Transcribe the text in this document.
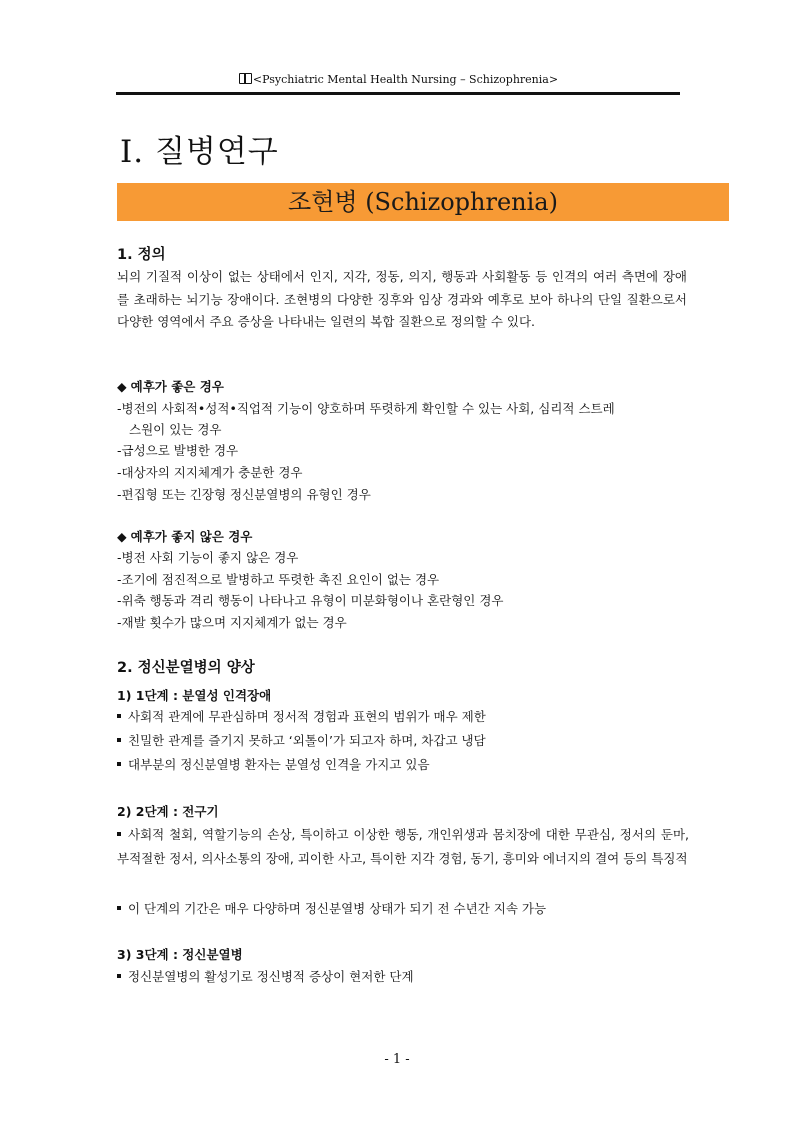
<Psychiatric Mental Health Nursing – Schizophrenia>
Ⅰ. 질병연구
조현병 (Schizophrenia)
1. 정의
뇌의 기질적 이상이 없는 상태에서 인지, 지각, 정동, 의지, 행동과 사회활동 등 인격의 여러 측면에 장애를 초래하는 뇌기능 장애이다. 조현병의 다양한 징후와 임상 경과와 예후로 보아 하나의 단일 질환으로서 다양한 영역에서 주요 증상을 나타내는 일련의 복합 질환으로 정의할 수 있다.
◆ 예후가 좋은 경우
-병전의 사회적•성적•직업적 기능이 양호하며 뚜렷하게 확인할 수 있는 사회, 심리적 스트레
스원이 있는 경우
-급성으로 발병한 경우
-대상자의 지지체계가 충분한 경우
-편집형 또는 긴장형 정신분열병의 유형인 경우
◆ 예후가 좋지 않은 경우
-병전 사회 기능이 좋지 않은 경우
-조기에 점진적으로 발병하고 뚜렷한 촉진 요인이 없는 경우
-위축 행동과 격리 행동이 나타나고 유형이 미분화형이나 혼란형인 경우
-재발 횟수가 많으며 지지체계가 없는 경우
2. 정신분열병의 양상
1) 1단계 : 분열성 인격장애
사회적 관계에 무관심하며 정서적 경험과 표현의 범위가 매우 제한
친밀한 관계를 즐기지 못하고 ‘외톨이’가 되고자 하며, 차갑고 냉담
대부분의 정신분열병 환자는 분열성 인격을 가지고 있음
2) 2단계 : 전구기
사회적 철회, 역할기능의 손상, 특이하고 이상한 행동, 개인위생과 몸치장에 대한 무관심, 정서의 둔마, 부적절한 정서, 의사소통의 장애, 괴이한 사고, 특이한 지각 경험, 동기, 흥미와 에너지의 결여 등의 특징적
이 단계의 기간은 매우 다양하며 정신분열병 상태가 되기 전 수년간 지속 가능
3) 3단계 : 정신분열병
정신분열병의 활성기로 정신병적 증상이 현저한 단계
- 1 -
